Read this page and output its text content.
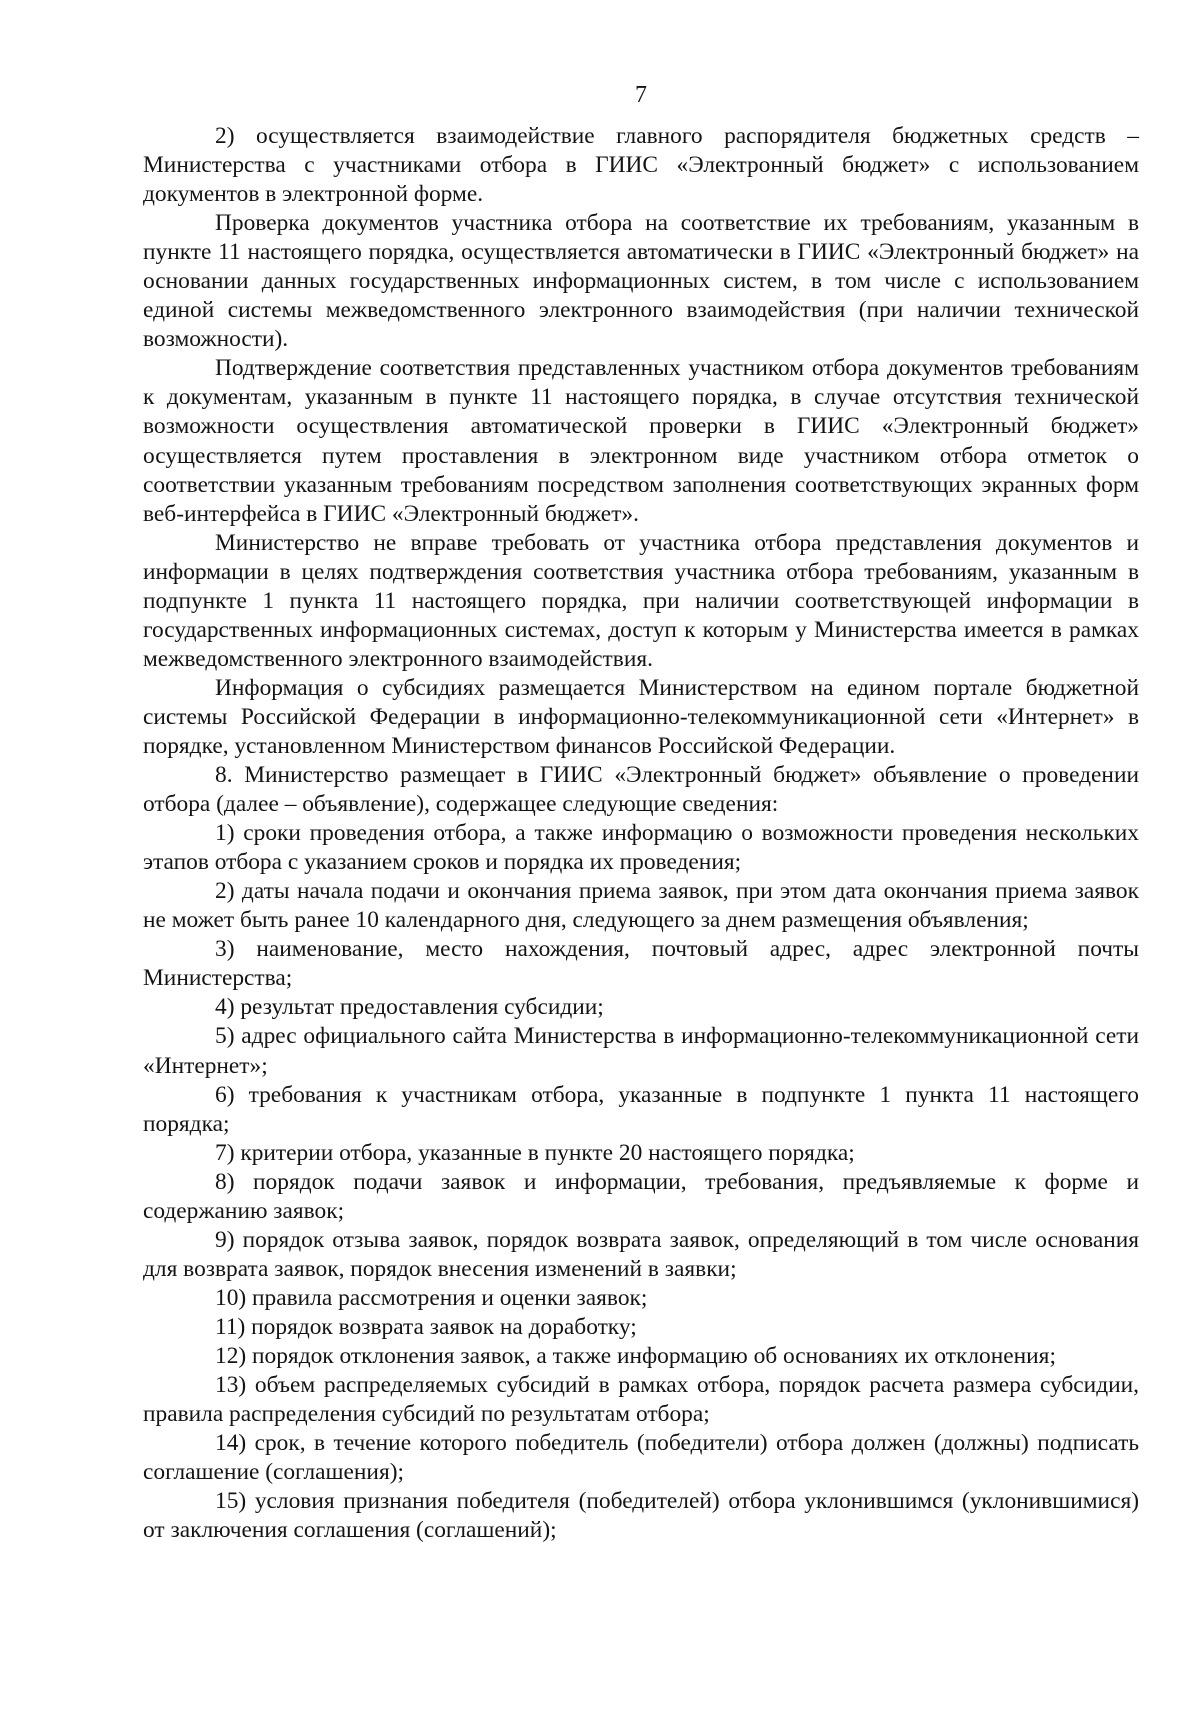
7

2) осуществляется взаимодействие главного распорядителя бюджетных средств – Министерства с участниками отбора в ГИИС «Электронный бюджет» с использованием документов в электронной форме.

Проверка документов участника отбора на соответствие их требованиям, указанным в пункте 11 настоящего порядка, осуществляется автоматически в ГИИС «Электронный бюджет» на основании данных государственных информационных систем, в том числе с использованием единой системы межведомственного электронного взаимодействия (при наличии технической возможности).

Подтверждение соответствия представленных участником отбора документов требованиям к документам, указанным в пункте 11 настоящего порядка, в случае отсутствия технической возможности осуществления автоматической проверки в ГИИС «Электронный бюджет» осуществляется путем проставления в электронном виде участником отбора отметок о соответствии указанным требованиям посредством заполнения соответствующих экранных форм веб-интерфейса в ГИИС «Электронный бюджет».

Министерство не вправе требовать от участника отбора представления документов и информации в целях подтверждения соответствия участника отбора требованиям, указанным в подпункте 1 пункта 11 настоящего порядка, при наличии соответствующей информации в государственных информационных системах, доступ к которым у Министерства имеется в рамках межведомственного электронного взаимодействия.

Информация о субсидиях размещается Министерством на едином портале бюджетной системы Российской Федерации в информационно-телекоммуникационной сети «Интернет» в порядке, установленном Министерством финансов Российской Федерации.

8. Министерство размещает в ГИИС «Электронный бюджет» объявление о проведении отбора (далее – объявление), содержащее следующие сведения:

1) сроки проведения отбора, а также информацию о возможности проведения нескольких этапов отбора с указанием сроков и порядка их проведения;

2) даты начала подачи и окончания приема заявок, при этом дата окончания приема заявок не может быть ранее 10 календарного дня, следующего за днем размещения объявления;

3) наименование, место нахождения, почтовый адрес, адрес электронной почты Министерства;

4) результат предоставления субсидии;

5) адрес официального сайта Министерства в информационно-телекоммуникационной сети «Интернет»;

6) требования к участникам отбора, указанные в подпункте 1 пункта 11 настоящего порядка;

7) критерии отбора, указанные в пункте 20 настоящего порядка;

8) порядок подачи заявок и информации, требования, предъявляемые к форме и содержанию заявок;

9) порядок отзыва заявок, порядок возврата заявок, определяющий в том числе основания для возврата заявок, порядок внесения изменений в заявки;

10) правила рассмотрения и оценки заявок;

11) порядок возврата заявок на доработку;

12) порядок отклонения заявок, а также информацию об основаниях их отклонения;

13) объем распределяемых субсидий в рамках отбора, порядок расчета размера субсидии, правила распределения субсидий по результатам отбора;

14) срок, в течение которого победитель (победители) отбора должен (должны) подписать соглашение (соглашения);

15) условия признания победителя (победителей) отбора уклонившимся (уклонившимися) от заключения соглашения (соглашений);
